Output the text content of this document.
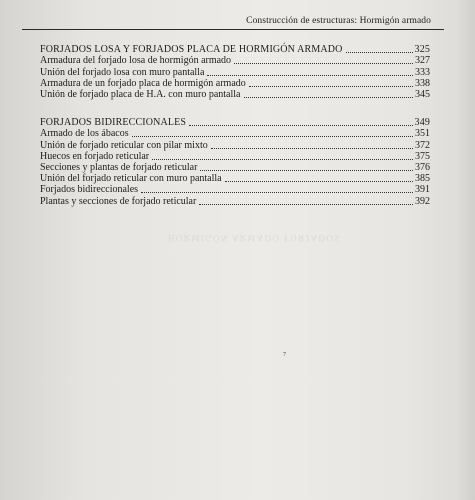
Construcción de estructuras: Hormigón armado
FORJADOS LOSA Y FORJADOS PLACA DE HORMIGÓN ARMADO	325
Armadura del forjado losa de hormigón armado	327
Unión del forjado losa con muro pantalla	333
Armadura de un forjado placa de hormigón armado	338
Unión de forjado placa de H.A. con muro pantalla	345
FORJADOS BIDIRECCIONALES	349
Armado de los ábacos	351
Unión de forjado reticular con pilar mixto	372
Huecos en forjado reticular	375
Secciones y plantas de forjado reticular	376
Unión del forjado reticular con muro pantalla	385
Forjados bidireccionales	391
Plantas y secciones de forjado reticular	392
HORMIGÓN ARMADO FORJADOS
7
